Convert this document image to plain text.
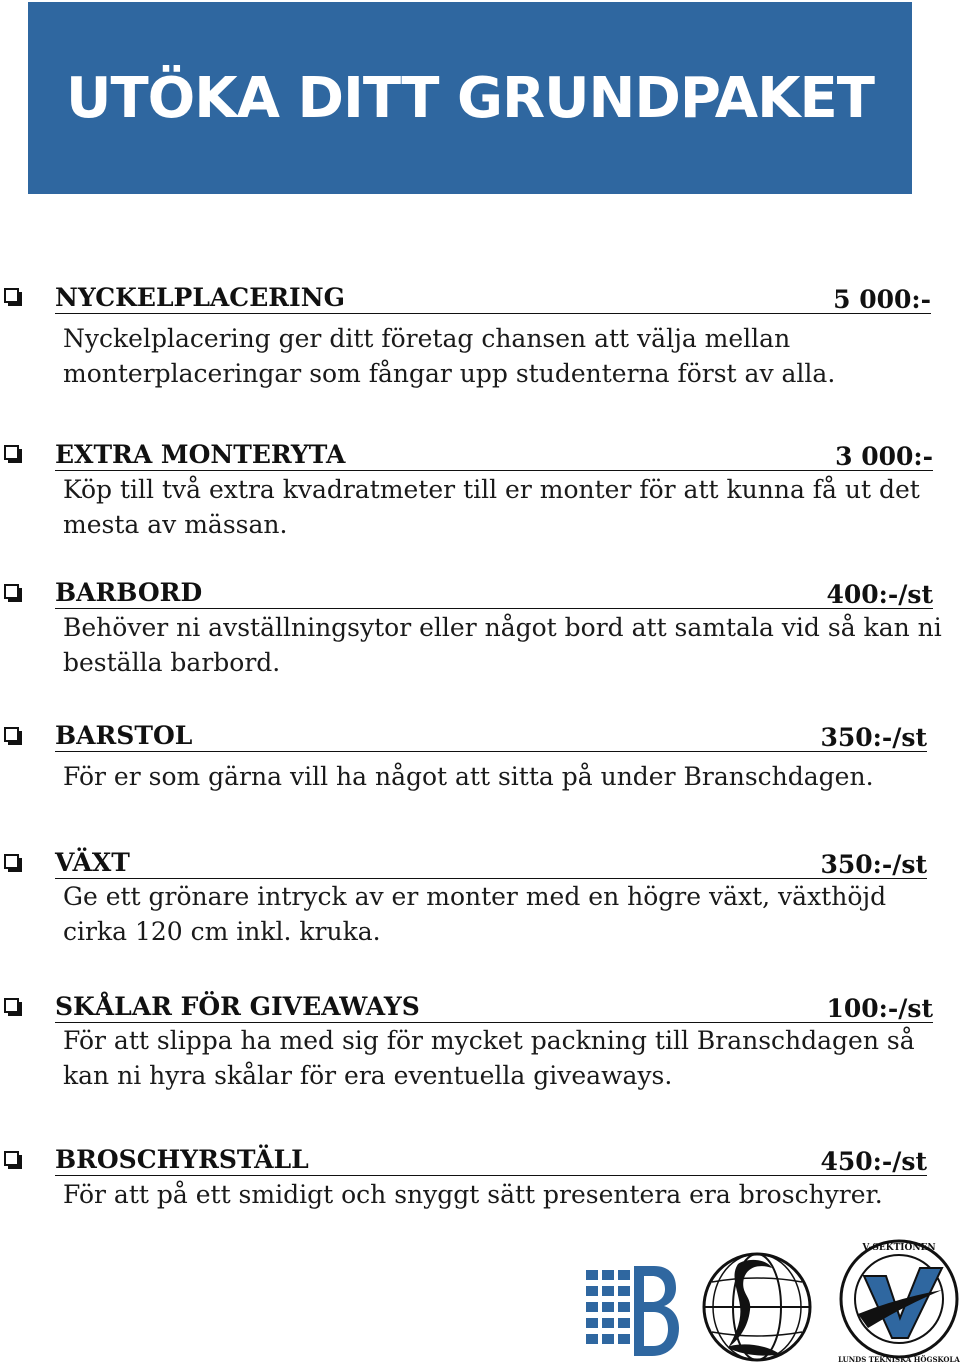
UTÖKA DITT GRUNDPAKET
NYCKELPLACERING	5 000:-
Nyckelplacering ger ditt företag chansen att välja mellan
monterplaceringar som fångar upp studenterna först av alla.
EXTRA MONTERYTA	3 000:-
Köp till två extra kvadratmeter till er monter för att kunna få ut det
mesta av mässan.
BARBORD	400:-/st
Behöver ni avställningsytor eller något bord att samtala vid så kan ni
beställa barbord.
BARSTOL	350:-/st
För er som gärna vill ha något att sitta på under Branschdagen.
VÄXT	350:-/st
Ge ett grönare intryck av er monter med en högre växt, växthöjd
cirka 120 cm inkl. kruka.
SKÅLAR FÖR GIVEAWAYS	100:-/st
För att slippa ha med sig för mycket packning till Branschdagen så
kan ni hyra skålar för era eventuella giveaways.
BROSCHYRSTÄLL	450:-/st
För att på ett smidigt och snyggt sätt presentera era broschyrer.
V-SEKTIONEN
LUNDS TEKNISKA HÖGSKOLA
